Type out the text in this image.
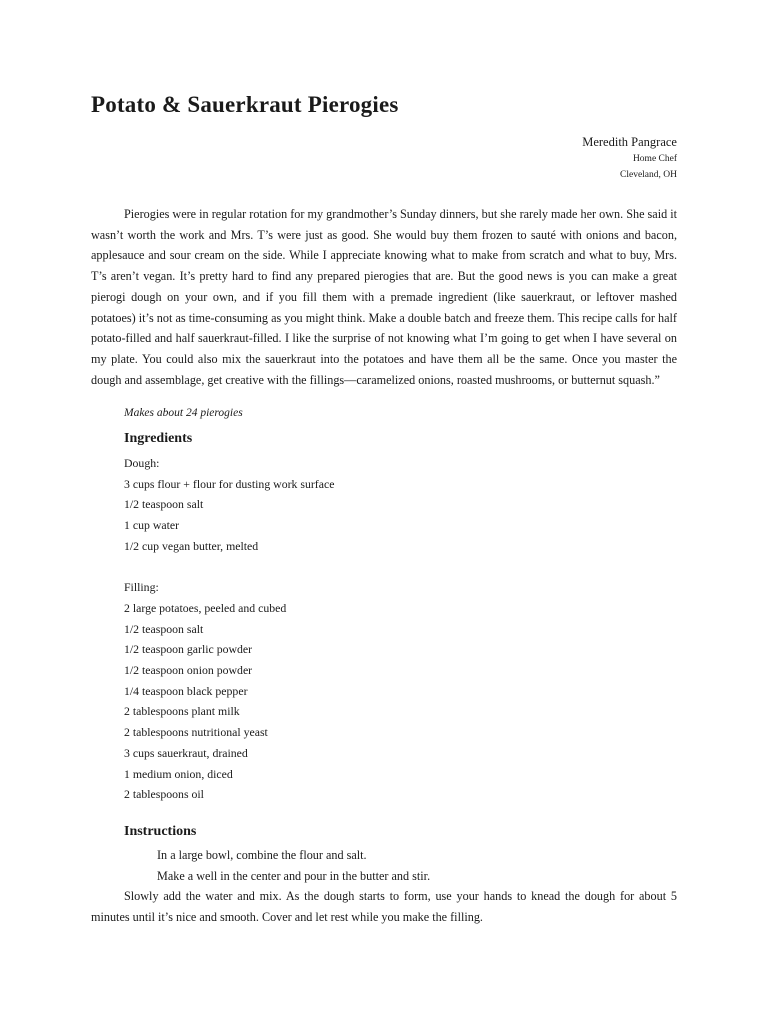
Potato & Sauerkraut Pierogies
Meredith Pangrace
Home Chef
Cleveland, OH

Pierogies were in regular rotation for my grandmother’s Sunday dinners, but she rarely made her own. She said it wasn’t worth the work and Mrs. T’s were just as good. She would buy them frozen to sauté with onions and bacon, applesauce and sour cream on the side. While I appreciate knowing what to make from scratch and what to buy, Mrs. T’s aren’t vegan. It’s pretty hard to find any prepared pierogies that are. But the good news is you can make a great pierogi dough on your own, and if you fill them with a premade ingredient (like sauerkraut, or leftover mashed potatoes) it’s not as time-consuming as you might think. Make a double batch and freeze them. This recipe calls for half potato-filled and half sauerkraut-filled. I like the surprise of not knowing what I’m going to get when I have several on my plate. You could also mix the sauerkraut into the potatoes and have them all be the same. Once you master the dough and assemblage, get creative with the fillings—caramelized onions, roasted mushrooms, or butternut squash.”

Makes about 24 pierogies
Ingredients
Dough:
3 cups flour + flour for dusting work surface
1/2 teaspoon salt
1 cup water
1/2 cup vegan butter, melted
Filling:
2 large potatoes, peeled and cubed
1/2 teaspoon salt
1/2 teaspoon garlic powder
1/2 teaspoon onion powder
1/4 teaspoon black pepper
2 tablespoons plant milk
2 tablespoons nutritional yeast
3 cups sauerkraut, drained
1 medium onion, diced
2 tablespoons oil
Instructions

In a large bowl, combine the flour and salt.

Make a well in the center and pour in the butter and stir.

Slowly add the water and mix. As the dough starts to form, use your hands to knead the dough for about 5 minutes until it’s nice and smooth. Cover and let rest while you make the filling.
